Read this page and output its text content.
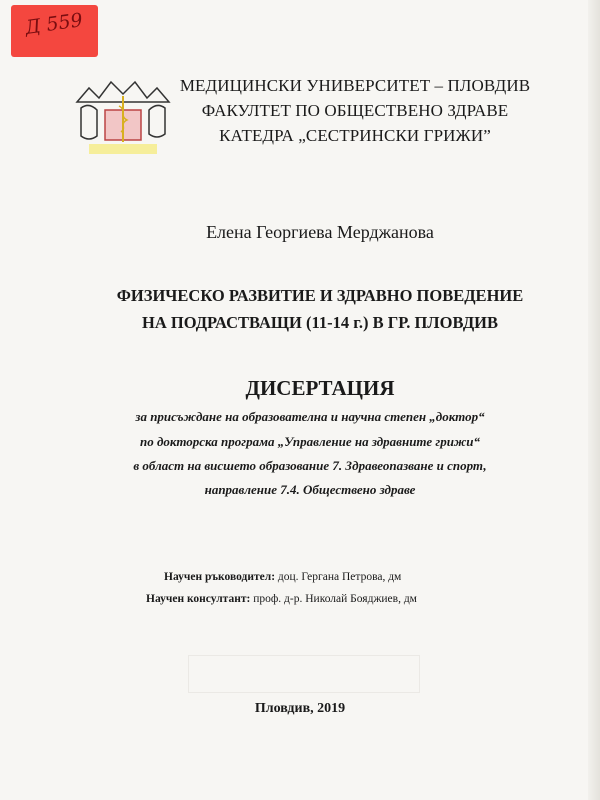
Д 559
МЕДИЦИНСКИ УНИВЕРСИТЕТ – ПЛОВДИВ
ФАКУЛТЕТ ПО ОБЩЕСТВЕНО ЗДРАВЕ
КАТЕДРА „СЕСТРИНСКИ ГРИЖИ”
Елена Георгиева Мерджанова
ФИЗИЧЕСКО РАЗВИТИЕ И ЗДРАВНО ПОВЕДЕНИЕ
НА ПОДРАСТВАЩИ (11-14 г.) В ГР. ПЛОВДИВ
ДИСЕРТАЦИЯ
за присъждане на образователна и научна степен „доктор“
по докторска програма „Управление на здравните грижи“
в област на висшето образование 7. Здравеопазване и спорт,
направление 7.4. Обществено здраве
Научен ръководител: доц. Гергана Петрова, дм
Научен консултант: проф. д-р. Николай Бояджиев, дм
Пловдив, 2019
